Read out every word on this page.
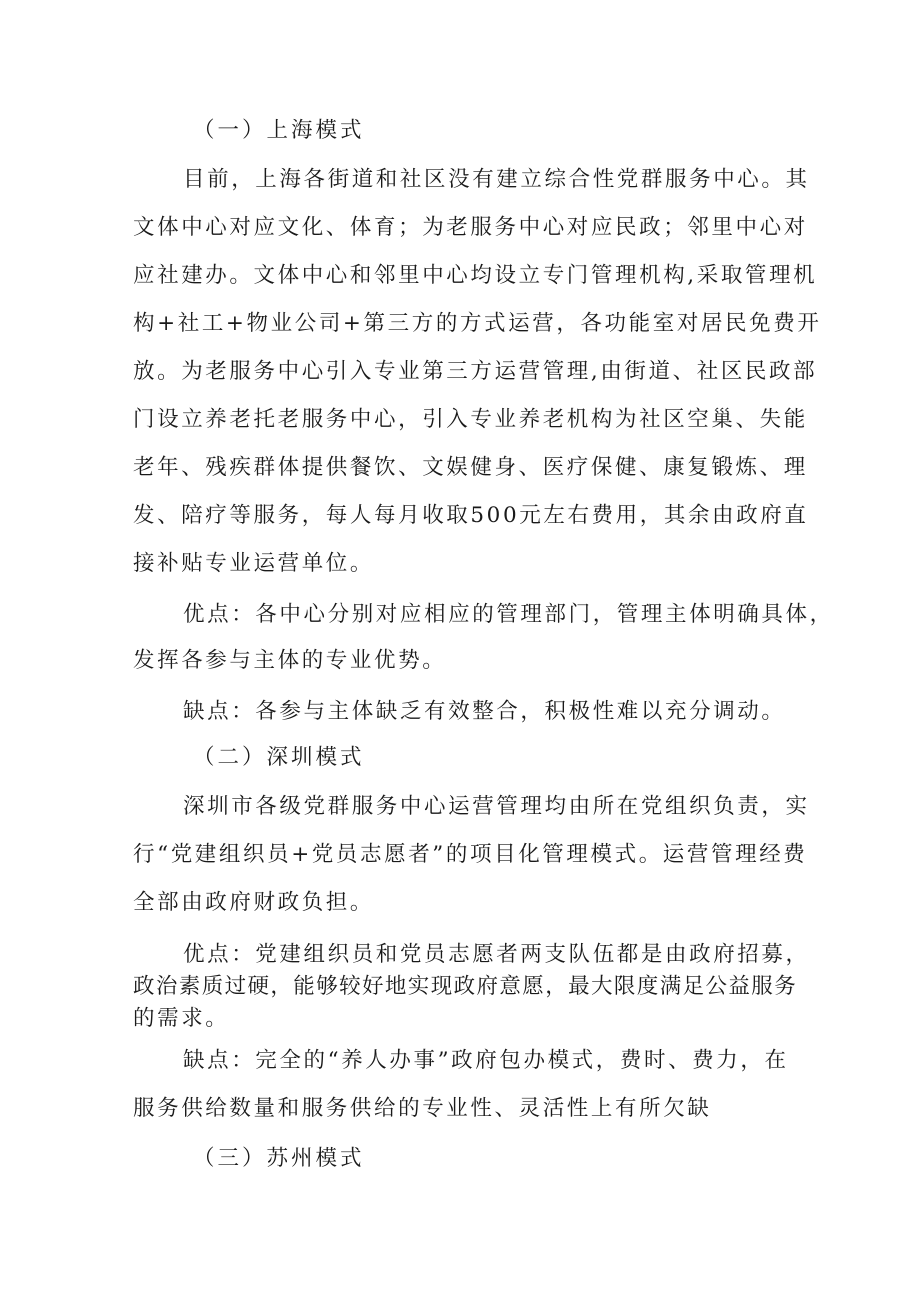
（一）上海模式
目前，上海各街道和社区没有建立综合性党群服务中心。其
文体中心对应文化、体育；为老服务中心对应民政；邻里中心对
应社建办。文体中心和邻里中心均设立专门管理机构,采取管理机
构+社工+物业公司+第三方的方式运营，各功能室对居民免费开
放。为老服务中心引入专业第三方运营管理,由街道、社区民政部
门设立养老托老服务中心，引入专业养老机构为社区空巢、失能
老年、残疾群体提供餐饮、文娱健身、医疗保健、康复锻炼、理
发、陪疗等服务，每人每月收取500元左右费用，其余由政府直
接补贴专业运营单位。
优点：各中心分别对应相应的管理部门，管理主体明确具体，
发挥各参与主体的专业优势。
缺点：各参与主体缺乏有效整合，积极性难以充分调动。
（二）深圳模式
深圳市各级党群服务中心运营管理均由所在党组织负责，实
行“党建组织员+党员志愿者”的项目化管理模式。运营管理经费
全部由政府财政负担。
优点：党建组织员和党员志愿者两支队伍都是由政府招募，
政治素质过硬，能够较好地实现政府意愿，最大限度满足公益服务
的需求。
缺点：完全的“养人办事”政府包办模式，费时、费力，在
服务供给数量和服务供给的专业性、灵活性上有所欠缺
（三）苏州模式
